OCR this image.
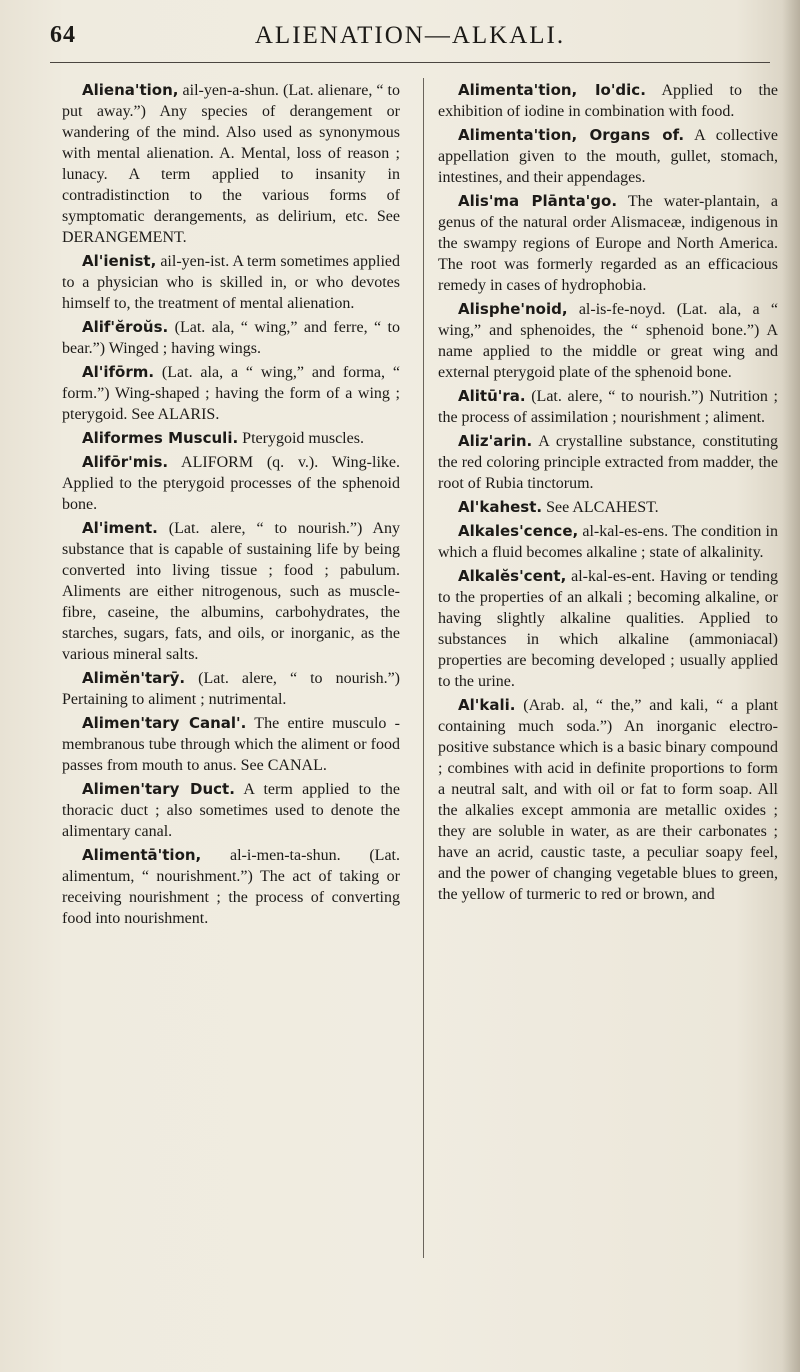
64	ALIENATION—ALKALI.

Aliena'tion, ail-yen-a-shun. (Lat. alienare, “ to put away.”) Any species of derangement or wandering of the mind. Also used as synonymous with mental alienation. A. Mental, loss of reason ; lunacy. A term applied to insanity in contradistinction to the various forms of symptomatic derangements, as delirium, etc. See DERANGEMENT.

Al'ienist, ail-yen-ist. A term sometimes applied to a physician who is skilled in, or who devotes himself to, the treatment of mental alienation.

Alif'ĕroŭs. (Lat. ala, “ wing,” and ferre, “ to bear.”) Winged ; having wings.

Al'ifōrm. (Lat. ala, a “ wing,” and forma, “ form.”) Wing-shaped ; having the form of a wing ; pterygoid. See ALARIS.

Aliformes Musculi. Pterygoid muscles.

Alifōr'mis. ALIFORM (q. v.). Wing-like. Applied to the pterygoid processes of the sphenoid bone.

Al'iment. (Lat. alere, “ to nourish.”) Any substance that is capable of sustaining life by being converted into living tissue ; food ; pabulum. Aliments are either nitrogenous, such as muscle-fibre, caseine, the albumins, carbohydrates, the starches, sugars, fats, and oils, or inorganic, as the various mineral salts.

Alimĕn'tarȳ. (Lat. alere, “ to nourish.”) Pertaining to aliment ; nutrimental.

Alimen'tary Canal'. The entire musculo - membranous tube through which the aliment or food passes from mouth to anus. See CANAL.

Alimen'tary Duct. A term applied to the thoracic duct ; also sometimes used to denote the alimentary canal.

Alimentā'tion, al-i-men-ta-shun. (Lat. alimentum, “ nourishment.”) The act of taking or receiving nourishment ; the process of converting food into nourishment.

Alimenta'tion, Io'dic. Applied to the exhibition of iodine in combination with food.

Alimenta'tion, Organs of. A collective appellation given to the mouth, gullet, stomach, intestines, and their appendages.

Alis'ma Plānta'go. The water-plantain, a genus of the natural order Alismaceæ, indigenous in the swampy regions of Europe and North America. The root was formerly regarded as an efficacious remedy in cases of hydrophobia.

Alisphe'noid, al-is-fe-noyd. (Lat. ala, a “ wing,” and sphenoides, the “ sphenoid bone.”) A name applied to the middle or great wing and external pterygoid plate of the sphenoid bone.

Alitū'ra. (Lat. alere, “ to nourish.”) Nutrition ; the process of assimilation ; nourishment ; aliment.

Aliz'arin. A crystalline substance, constituting the red coloring principle extracted from madder, the root of Rubia tinctorum.

Al'kahest. See ALCAHEST.

Alkales'cence, al-kal-es-ens. The condition in which a fluid becomes alkaline ; state of alkalinity.

Alkalĕs'cent, al-kal-es-ent. Having or tending to the properties of an alkali ; becoming alkaline, or having slightly alkaline qualities. Applied to substances in which alkaline (ammoniacal) properties are becoming developed ; usually applied to the urine.

Al'kali. (Arab. al, “ the,” and kali, “ a plant containing much soda.”) An inorganic electro-positive substance which is a basic binary compound ; combines with acid in definite proportions to form a neutral salt, and with oil or fat to form soap. All the alkalies except ammonia are metallic oxides ; they are soluble in water, as are their carbonates ; have an acrid, caustic taste, a peculiar soapy feel, and the power of changing vegetable blues to green, the yellow of turmeric to red or brown, and
